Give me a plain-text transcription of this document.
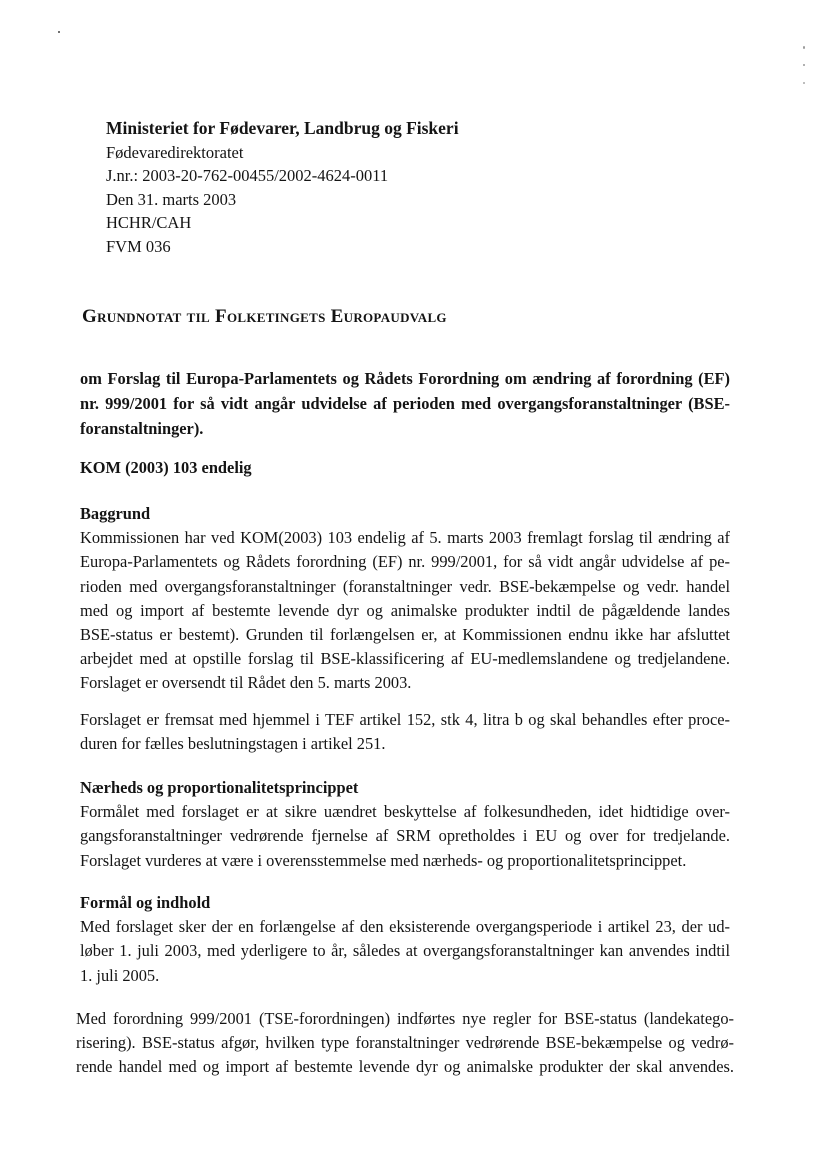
Ministeriet for Fødevarer, Landbrug og Fiskeri
Fødevaredirektoratet
J.nr.: 2003-20-762-00455/2002-4624-0011
Den 31. marts 2003
HCHR/CAH
FVM 036
Grundnotat til Folketingets Europaudvalg
om Forslag til Europa-Parlamentets og Rådets Forordning om ændring af forordning (EF)
nr. 999/2001 for så vidt angår udvidelse af perioden med overgangsforanstaltninger (BSE-
foranstaltninger).
KOM (2003) 103 endelig
Baggrund
Kommissionen har ved KOM(2003) 103 endelig af 5. marts 2003 fremlagt forslag til ændring af
Europa-Parlamentets og Rådets forordning (EF) nr. 999/2001, for så vidt angår udvidelse af pe-
rioden med overgangsforanstaltninger (foranstaltninger vedr. BSE-bekæmpelse og vedr. handel
med og import af bestemte levende dyr og animalske produkter indtil de pågældende landes
BSE-status er bestemt). Grunden til forlængelsen er, at Kommissionen endnu ikke har afsluttet
arbejdet med at opstille forslag til BSE-klassificering af EU-medlemslandene og tredjelandene.
Forslaget er oversendt til Rådet den 5. marts 2003.
Forslaget er fremsat med hjemmel i TEF artikel 152, stk 4, litra b og skal behandles efter proce-
duren for fælles beslutningstagen i artikel 251.
Nærheds og proportionalitetsprincippet
Formålet med forslaget er at sikre uændret beskyttelse af folkesundheden, idet hidtidige over-
gangsforanstaltninger vedrørende fjernelse af SRM opretholdes i EU og over for tredjelande.
Forslaget vurderes at være i overensstemmelse med nærheds- og proportionalitetsprincippet.
Formål og indhold
Med forslaget sker der en forlængelse af den eksisterende overgangsperiode i artikel 23, der ud-
løber 1. juli 2003, med yderligere to år, således at overgangsforanstaltninger kan anvendes indtil
1. juli 2005.
Med forordning 999/2001 (TSE-forordningen) indførtes nye regler for BSE-status (landekatego-
risering). BSE-status afgør, hvilken type foranstaltninger vedrørende BSE-bekæmpelse og vedrø-
rende handel med og import af bestemte levende dyr og animalske produkter der skal anvendes.
